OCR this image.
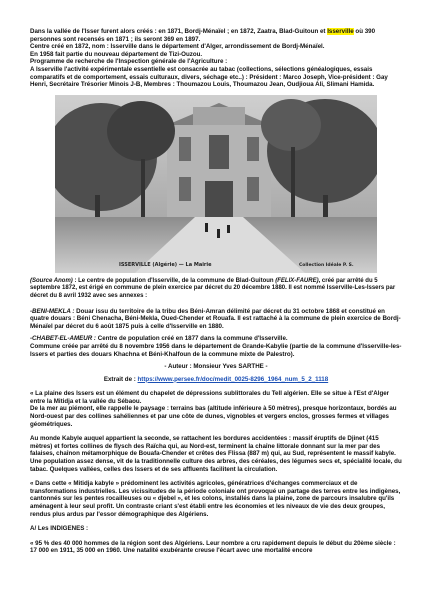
Dans la vallée de l'Isser furent alors créés : en 1871, Bordj-Ménaïel ; en 1872, Zaatra, Blad-Guitoun et Isserville où 390 personnes sont recensés en 1871 ; ils seront 369 en 1897.

Centre créé en 1872, nom : Isserville dans le département d'Alger, arrondissement de Bordj-Ménaïel.

En 1958 fait partie du nouveau département de Tizi-Ouzou.

Programme de recherche de l'Inspection générale de l'Agriculture :

A Isserville l'activité expérimentale essentielle est consacrée au tabac (collections, sélections généalogiques, essais comparatifs et de comportement, essais culturaux, divers, séchage etc..) : Président : Marco Joseph, Vice-président : Gay Henri, Secrétaire Trésorier Minois J-B, Membres : Thoumazou Louis, Thoumazou Jean, Oudjioua Ali, Slimani Hamida.

ISSERVILLE (Algérie) — La Mairie	Collection Idéale P. S.

(Source Anom) : Le centre de population d'Isserville, de la commune de Blad-Guitoun (FELIX-FAURE), créé par arrêté du 5 septembre 1872, est érigé en commune de plein exercice par décret du 20 décembre 1880. Il est nommé Isserville-Les-Issers par décret du 8 avril 1932 avec ses annexes :

-BENI-MEKLA : Douar issu du territoire de la tribu des Béni-Amran délimité par décret du 31 octobre 1868 et constitué en quatre douars : Béni Chenacha, Béni-Mekla, Oued-Chender et Rouafa. Il est rattaché à la commune de plein exercice de Bordj-Ménaïel par décret du 6 août 1875 puis à celle d'Isserville en 1880.

-CHABET-EL-AMEUR : Centre de population créé en 1877 dans la commune d'Isserville.

Commune créée par arrêté du 8 novembre 1956 dans le département de Grande-Kabylie (partie de la commune d'Isserville-les-Issers et parties des douars Khachna et Béni-Khalfoun de la commune mixte de Palestro).

- Auteur : Monsieur Yves SARTHE -

Extrait de : https://www.persee.fr/doc/medit_0025-8296_1964_num_5_2_1118

« La plaine des Issers est un élément du chapelet de dépressions sublittorales du Tell algérien. Elle se situe à l'Est d'Alger entre la Mitidja et la vallée du Sébaou.

De la mer au piémont, elle rappelle le paysage : terrains bas (altitude inférieure à 50 mètres), presque horizontaux, bordés au Nord-ouest par des collines sahéliennes et par une côte de dunes, vignobles et vergers enclos, grosses fermes et villages géométriques.

Au monde Kabyle auquel appartient la seconde, se rattachent les bordures accidentées : massif éruptifs de Djinet (415 mètres) et fortes collines de flysch des Raïcha qui, au Nord-est, terminent la chaîne littorale donnant sur la mer par des falaises, chaînon métamorphique de Bouafa-Chender et crêtes des Flissa (887 m) qui, au Sud, représentent le massif kabyle. Une population assez dense, vit de la traditionnelle culture des arbres, des céréales, des légumes secs et, spécialité locale, du tabac. Quelques vallées, celles des Issers et de ses affluents facilitent la circulation.

« Dans cette « Mitidja kabyle » prédominent les activités agricoles, génératrices d'échanges commerciaux et de transformations industrielles. Les vicissitudes de la période coloniale ont provoqué un partage des terres entre les indigènes, cantonnés sur les pentes rocailleuses ou « djebel », et les colons, installés dans la plaine, zone de parcours insalubre qu'ils aménagent à leur seul profit. Un contraste criant s'est établi entre les économies et les niveaux de vie des deux groupes, rendus plus ardus par l'essor démographique des Algériens.

A/ Les INDIGENES :

« 95 % des 40 000 hommes de la région sont des Algériens. Leur nombre a cru rapidement depuis le début du 20ème siècle : 17 000 en 1911, 35 000 en 1960. Une natalité exubérante creuse l'écart avec une mortalité encore
